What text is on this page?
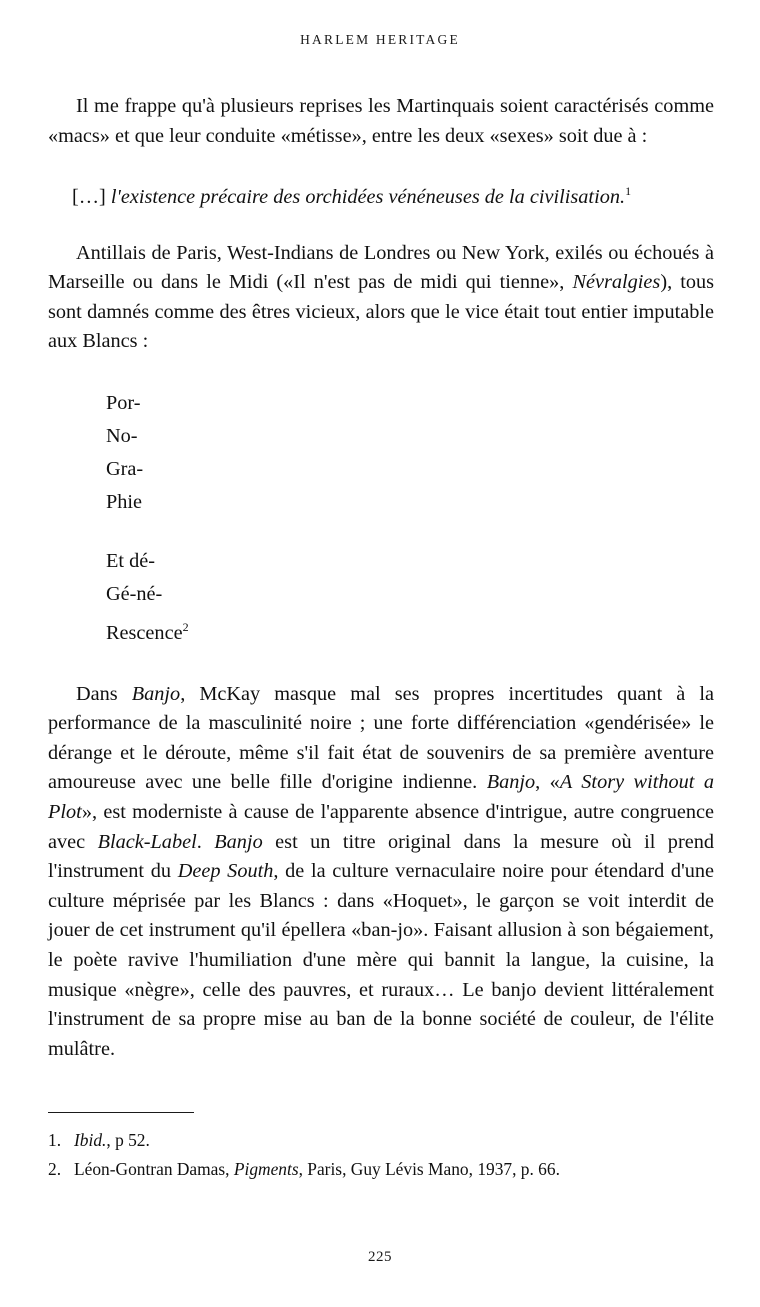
HARLEM HERITAGE

Il me frappe qu'à plusieurs reprises les Martinquais soient caractérisés comme «macs» et que leur conduite «métisse», entre les deux «sexes» soit due à :

[…] l'existence précaire des orchidées vénéneuses de la civilisation.$^1$

Antillais de Paris, West-Indians de Londres ou New York, exilés ou échoués à Marseille ou dans le Midi («Il n'est pas de midi qui tienne», Névralgies), tous sont damnés comme des êtres vicieux, alors que le vice était tout entier imputable aux Blancs :

Por-
No-
Gra-
Phie
Et dé-
Gé-né-
Rescence$^2$

Dans Banjo, McKay masque mal ses propres incertitudes quant à la performance de la masculinité noire ; une forte différenciation «gendérisée» le dérange et le déroute, même s'il fait état de souvenirs de sa première aventure amoureuse avec une belle fille d'origine indienne. Banjo, «A Story without a Plot», est moderniste à cause de l'apparente absence d'intrigue, autre congruence avec Black-Label. Banjo est un titre original dans la mesure où il prend l'instrument du Deep South, de la culture vernaculaire noire pour étendard d'une culture méprisée par les Blancs : dans «Hoquet», le garçon se voit interdit de jouer de cet instrument qu'il épellera «ban-jo». Faisant allusion à son bégaiement, le poète ravive l'humiliation d'une mère qui bannit la langue, la cuisine, la musique «nègre», celle des pauvres, et ruraux… Le banjo devient littéralement l'instrument de sa propre mise au ban de la bonne société de couleur, de l'élite mulâtre.

1. Ibid., p 52.

2. Léon-Gontran Damas, Pigments, Paris, Guy Lévis Mano, 1937, p. 66.

225
